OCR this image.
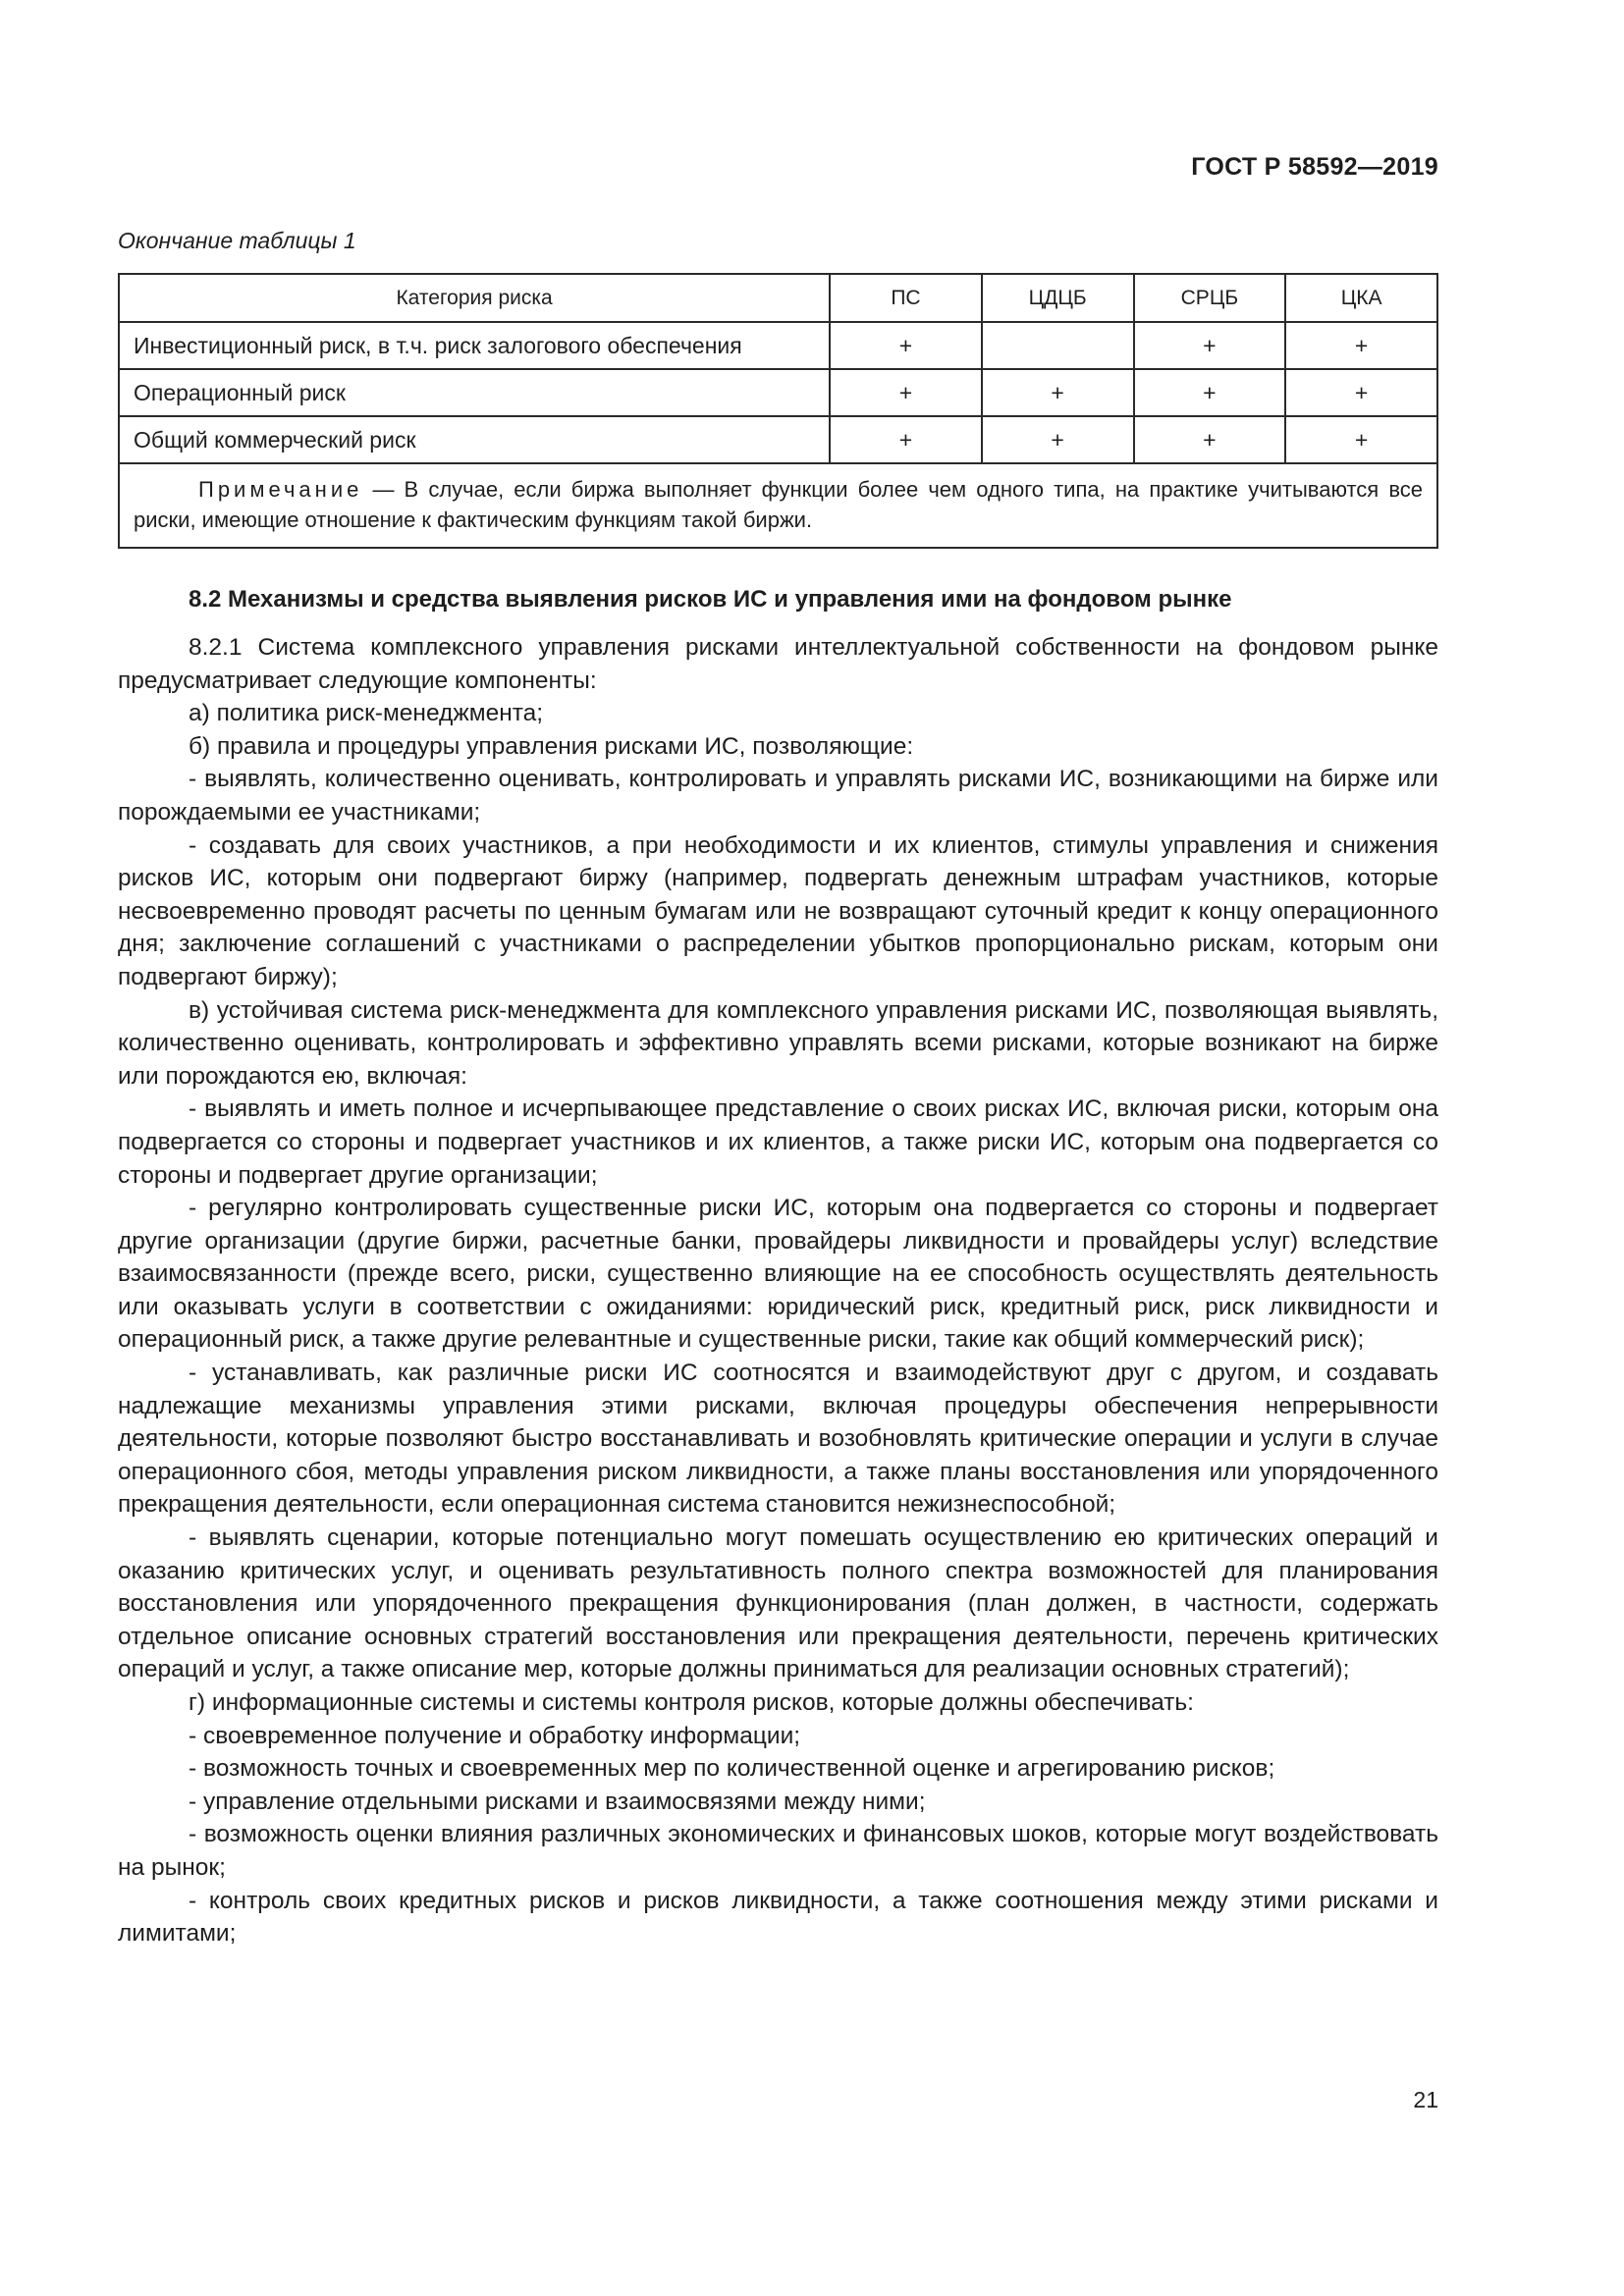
ГОСТ Р 58592—2019
Окончание таблицы 1
Категория риска	ПС	ЦДЦБ	СРЦБ	ЦКА
Инвестиционный риск, в т.ч. риск залогового обеспечения	+		+	+
Операционный риск	+	+	+	+
Общий коммерческий риск	+	+	+	+
Примечание — В случае, если биржа выполняет функции более чем одного типа, на практике учитываются все риски, имеющие отношение к фактическим функциям такой биржи.				
8.2 Механизмы и средства выявления рисков ИС и управления ими на фондовом рынке

8.2.1 Система комплексного управления рисками интеллектуальной собственности на фондовом рынке предусматривает следующие компоненты:

а) политика риск-менеджмента;

б) правила и процедуры управления рисками ИС, позволяющие:

- выявлять, количественно оценивать, контролировать и управлять рисками ИС, возникающими на бирже или порождаемыми ее участниками;

- создавать для своих участников, а при необходимости и их клиентов, стимулы управления и снижения рисков ИС, которым они подвергают биржу (например, подвергать денежным штрафам участников, которые несвоевременно проводят расчеты по ценным бумагам или не возвращают суточный кредит к концу операционного дня; заключение соглашений с участниками о распределении убытков пропорционально рискам, которым они подвергают биржу);

в) устойчивая система риск-менеджмента для комплексного управления рисками ИС, позволяющая выявлять, количественно оценивать, контролировать и эффективно управлять всеми рисками, которые возникают на бирже или порождаются ею, включая:

- выявлять и иметь полное и исчерпывающее представление о своих рисках ИС, включая риски, которым она подвергается со стороны и подвергает участников и их клиентов, а также риски ИС, которым она подвергается со стороны и подвергает другие организации;

- регулярно контролировать существенные риски ИС, которым она подвергается со стороны и подвергает другие организации (другие биржи, расчетные банки, провайдеры ликвидности и провайдеры услуг) вследствие взаимосвязанности (прежде всего, риски, существенно влияющие на ее способность осуществлять деятельность или оказывать услуги в соответствии с ожиданиями: юридический риск, кредитный риск, риск ликвидности и операционный риск, а также другие релевантные и существенные риски, такие как общий коммерческий риск);

- устанавливать, как различные риски ИС соотносятся и взаимодействуют друг с другом, и создавать надлежащие механизмы управления этими рисками, включая процедуры обеспечения непрерывности деятельности, которые позволяют быстро восстанавливать и возобновлять критические операции и услуги в случае операционного сбоя, методы управления риском ликвидности, а также планы восстановления или упорядоченного прекращения деятельности, если операционная система становится нежизнеспособной;

- выявлять сценарии, которые потенциально могут помешать осуществлению ею критических операций и оказанию критических услуг, и оценивать результативность полного спектра возможностей для планирования восстановления или упорядоченного прекращения функционирования (план должен, в частности, содержать отдельное описание основных стратегий восстановления или прекращения деятельности, перечень критических операций и услуг, а также описание мер, которые должны приниматься для реализации основных стратегий);

г) информационные системы и системы контроля рисков, которые должны обеспечивать:

- своевременное получение и обработку информации;

- возможность точных и своевременных мер по количественной оценке и агрегированию рисков;

- управление отдельными рисками и взаимосвязями между ними;

- возможность оценки влияния различных экономических и финансовых шоков, которые могут воздействовать на рынок;

- контроль своих кредитных рисков и рисков ликвидности, а также соотношения между этими рисками и лимитами;

21
